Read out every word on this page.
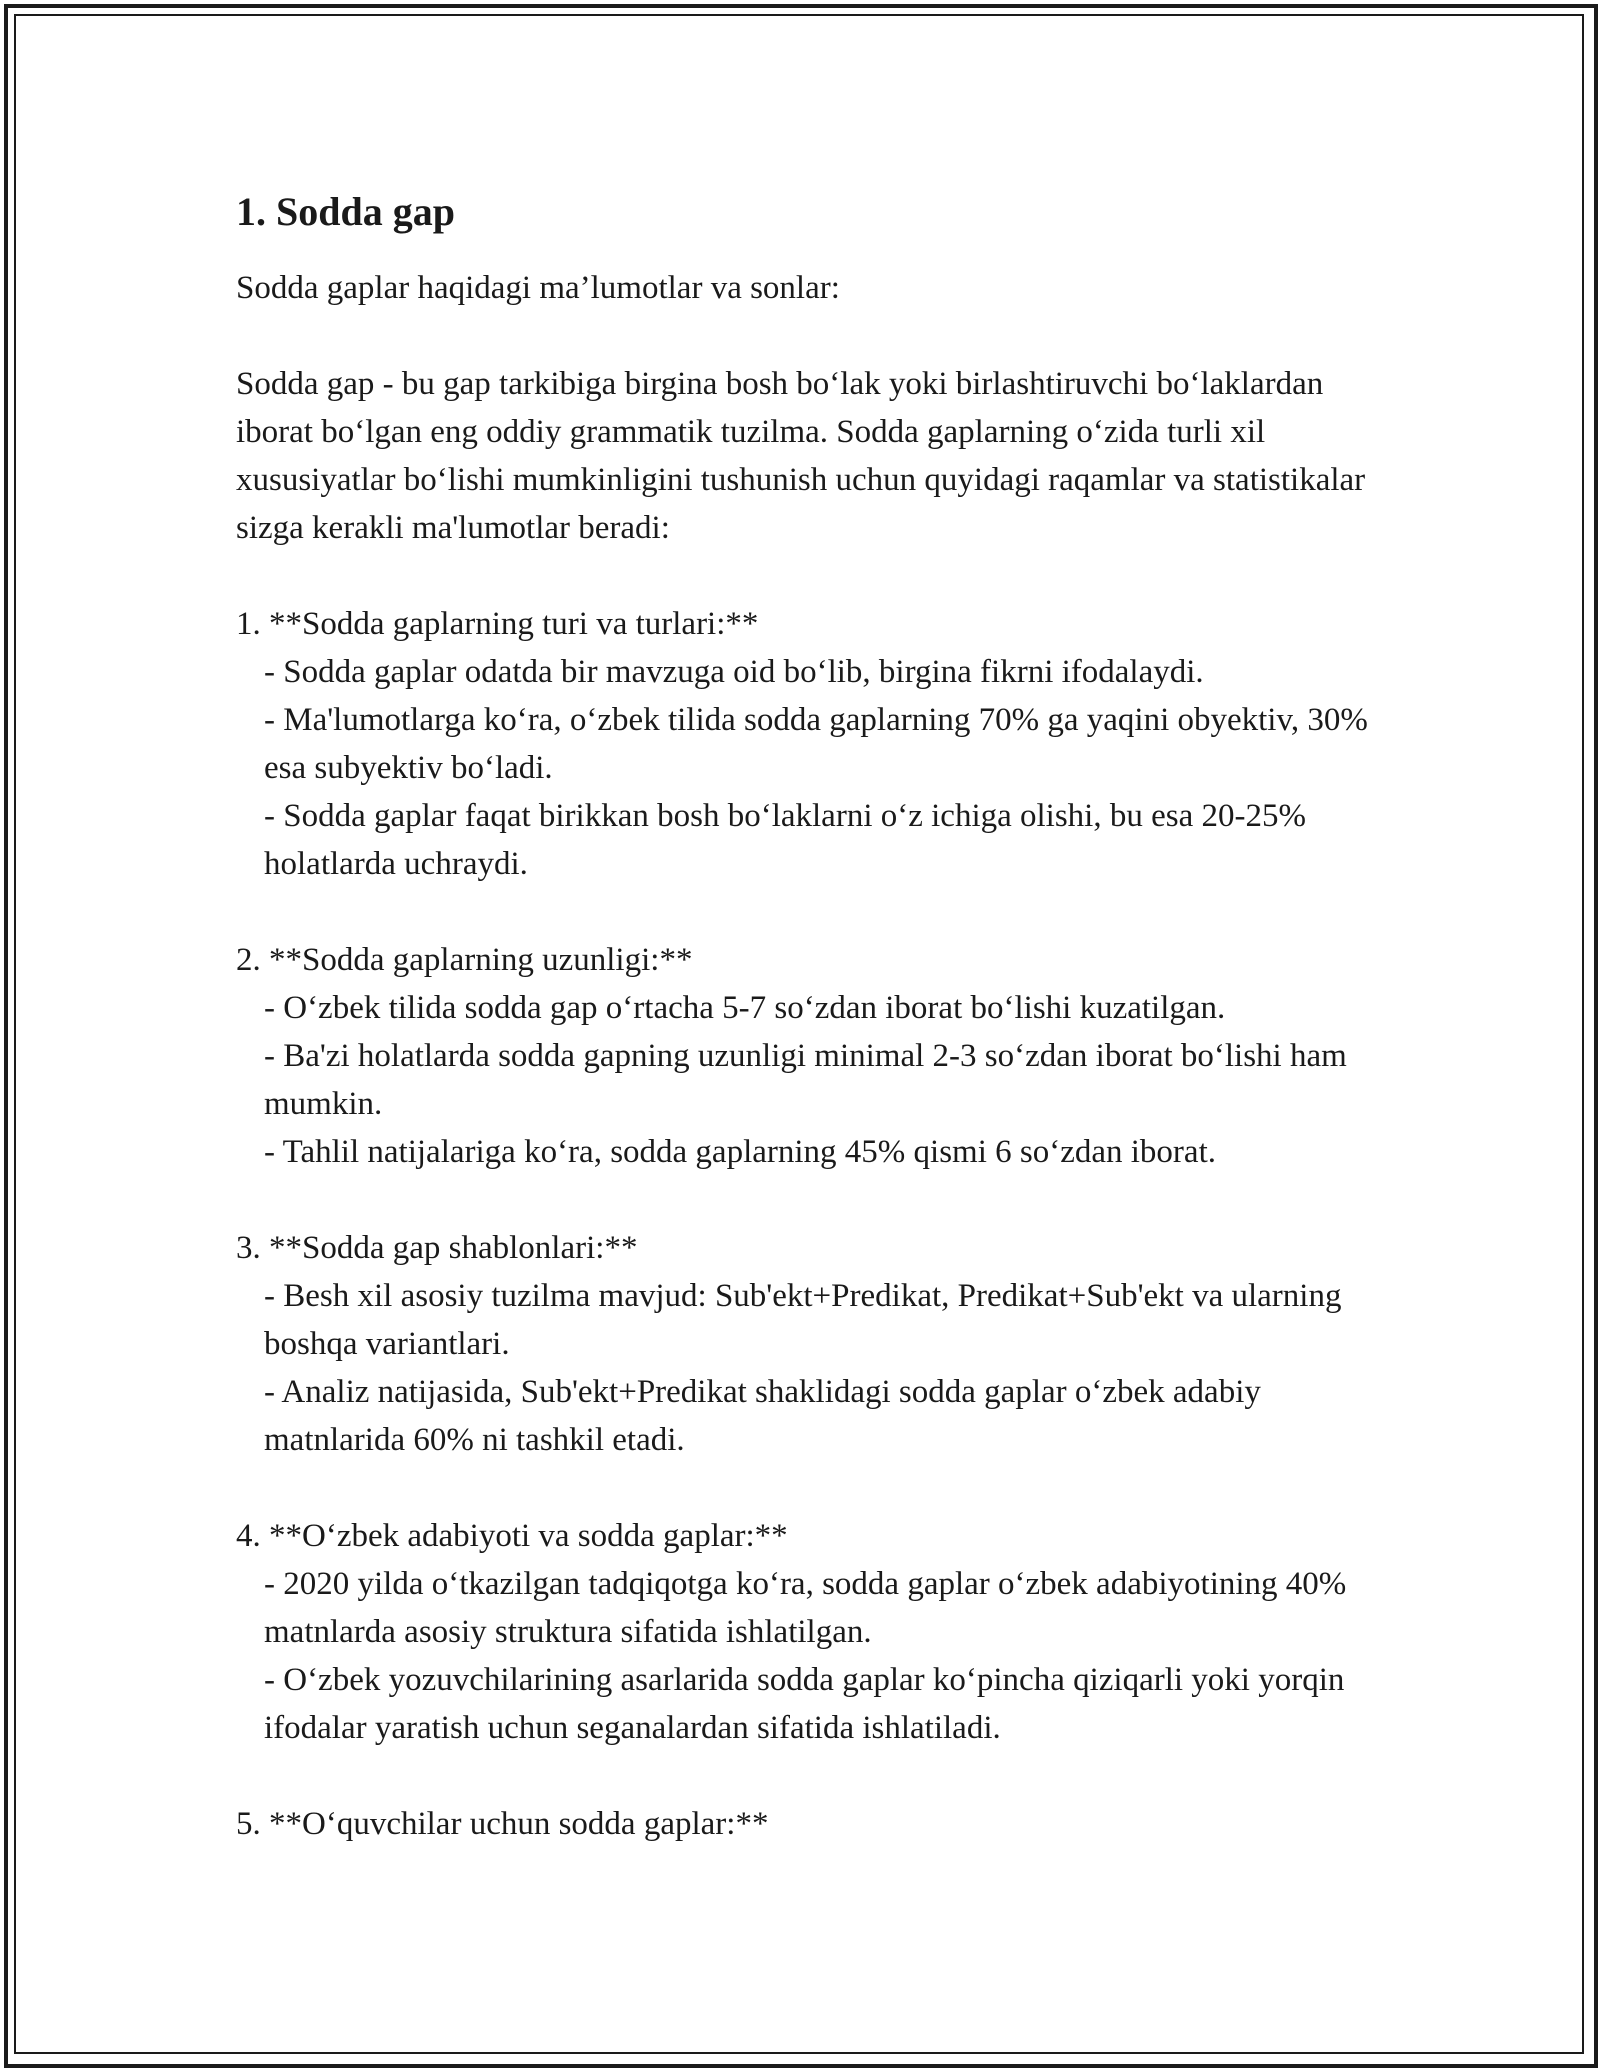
1. Sodda gap

Sodda gaplar haqidagi ma’lumotlar va sonlar:

Sodda gap - bu gap tarkibiga birgina bosh bo‘lak yoki birlashtiruvchi bo‘laklardan iborat bo‘lgan eng oddiy grammatik tuzilma. Sodda gaplarning o‘zida turli xil xususiyatlar bo‘lishi mumkinligini tushunish uchun quyidagi raqamlar va statistikalar sizga kerakli ma'lumotlar beradi:

1. **Sodda gaplarning turi va turlari:**

- Sodda gaplar odatda bir mavzuga oid bo‘lib, birgina fikrni ifodalaydi.

- Ma'lumotlarga ko‘ra, o‘zbek tilida sodda gaplarning 70% ga yaqini obyektiv, 30% esa subyektiv bo‘ladi.

- Sodda gaplar faqat birikkan bosh bo‘laklarni o‘z ichiga olishi, bu esa 20-25% holatlarda uchraydi.

2. **Sodda gaplarning uzunligi:**

- O‘zbek tilida sodda gap o‘rtacha 5-7 so‘zdan iborat bo‘lishi kuzatilgan.

- Ba'zi holatlarda sodda gapning uzunligi minimal 2-3 so‘zdan iborat bo‘lishi ham mumkin.

- Tahlil natijalariga ko‘ra, sodda gaplarning 45% qismi 6 so‘zdan iborat.

3. **Sodda gap shablonlari:**

- Besh xil asosiy tuzilma mavjud: Sub'ekt+Predikat, Predikat+Sub'ekt va ularning boshqa variantlari.

- Analiz natijasida, Sub'ekt+Predikat shaklidagi sodda gaplar o‘zbek adabiy matnlarida 60% ni tashkil etadi.

4. **O‘zbek adabiyoti va sodda gaplar:**

- 2020 yilda o‘tkazilgan tadqiqotga ko‘ra, sodda gaplar o‘zbek adabiyotining 40% matnlarda asosiy struktura sifatida ishlatilgan.

- O‘zbek yozuvchilarining asarlarida sodda gaplar ko‘pincha qiziqarli yoki yorqin ifodalar yaratish uchun seganalardan sifatida ishlatiladi.

5. **O‘quvchilar uchun sodda gaplar:**
